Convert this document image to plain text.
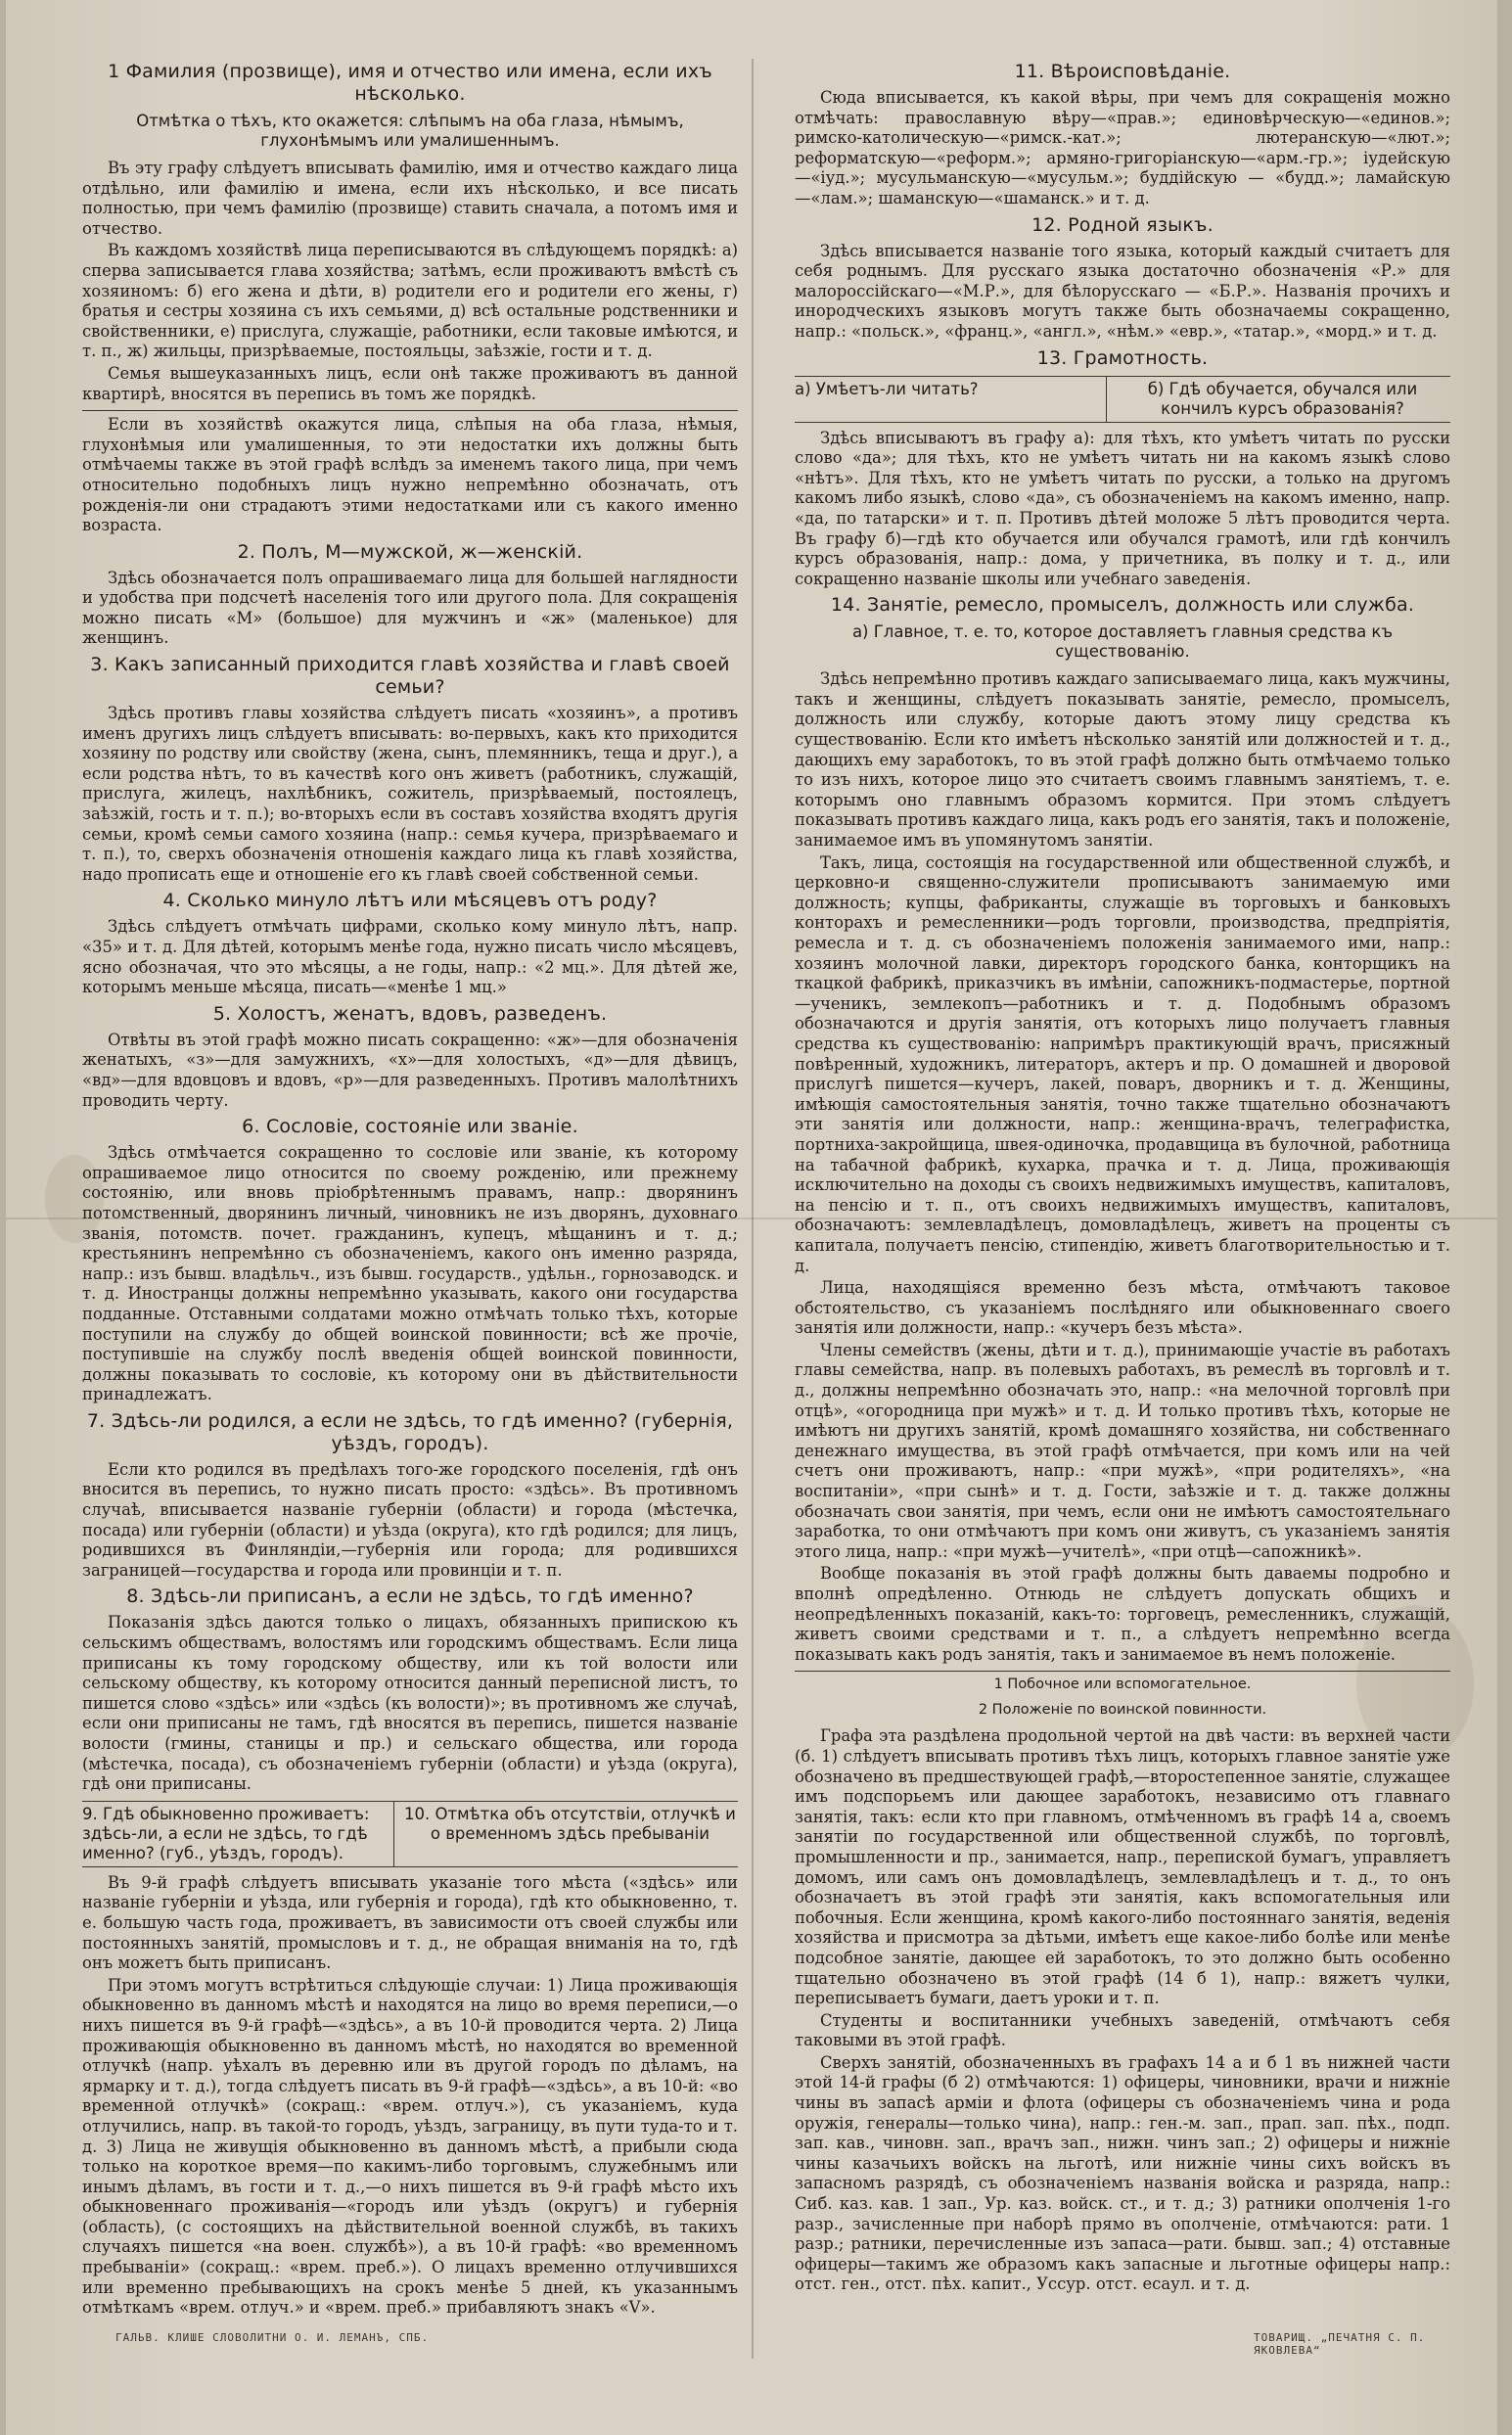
1 Фамилия (прозвище), имя и отчество или имена, если ихъ нѣсколько.
Отмѣтка о тѣхъ, кто окажется: слѣпымъ на оба глаза, нѣмымъ, глухонѣмымъ или умалишеннымъ.

Въ эту графу слѣдуетъ вписывать фамилію, имя и отчество каждаго лица отдѣльно, или фамилію и имена, если ихъ нѣсколько, и все писать полностью, при чемъ фамилію (прозвище) ставить сначала, а потомъ имя и отчество.

Въ каждомъ хозяйствѣ лица переписываются въ слѣдующемъ порядкѣ: а) сперва записывается глава хозяйства; затѣмъ, если проживаютъ вмѣстѣ съ хозяиномъ: б) его жена и дѣти, в) родители его и родители его жены, г) братья и сестры хозяина съ ихъ семьями, д) всѣ остальные родственники и свойственники, е) прислуга, служащіе, работники, если таковые имѣются, и т. п., ж) жильцы, призрѣваемые, постояльцы, заѣзжіе, гости и т. д.

Семья вышеуказанныхъ лицъ, если онѣ также проживаютъ въ данной квартирѣ, вносятся въ перепись въ томъ же порядкѣ.

Если въ хозяйствѣ окажутся лица, слѣпыя на оба глаза, нѣмыя, глухонѣмыя или умалишенныя, то эти недостатки ихъ должны быть отмѣчаемы также въ этой графѣ вслѣдъ за именемъ такого лица, при чемъ относительно подобныхъ лицъ нужно непремѣнно обозначать, отъ рожденія-ли они страдаютъ этими недостатками или съ какого именно возраста.

2. Полъ, М—мужской, ж—женскій.

Здѣсь обозначается полъ опрашиваемаго лица для большей наглядности и удобства при подсчетѣ населенія того или другого пола. Для сокращенія можно писать «М» (большое) для мужчинъ и «ж» (маленькое) для женщинъ.

3. Какъ записанный приходится главѣ хозяйства и главѣ своей семьи?

Здѣсь противъ главы хозяйства слѣдуетъ писать «хозяинъ», а противъ именъ другихъ лицъ слѣдуетъ вписывать: во-первыхъ, какъ кто приходится хозяину по родству или свойству (жена, сынъ, племянникъ, теща и друг.), а если родства нѣтъ, то въ качествѣ кого онъ живетъ (работникъ, служащій, прислуга, жилецъ, нахлѣбникъ, сожитель, призрѣваемый, постоялецъ, заѣзжій, гость и т. п.); во-вторыхъ если въ составъ хозяйства входятъ другія семьи, кромѣ семьи самого хозяина (напр.: семья кучера, призрѣваемаго и т. п.), то, сверхъ обозначенія отношенія каждаго лица къ главѣ хозяйства, надо прописать еще и отношеніе его къ главѣ своей собственной семьи.

4. Сколько минуло лѣтъ или мѣсяцевъ отъ роду?

Здѣсь слѣдуетъ отмѣчать цифрами, сколько кому минуло лѣтъ, напр. «35» и т. д. Для дѣтей, которымъ менѣе года, нужно писать число мѣсяцевъ, ясно обозначая, что это мѣсяцы, а не годы, напр.: «2 мц.». Для дѣтей же, которымъ меньше мѣсяца, писать—«менѣе 1 мц.»

5. Холостъ, женатъ, вдовъ, разведенъ.

Отвѣты въ этой графѣ можно писать сокращенно: «ж»—для обозначенія женатыхъ, «з»—для замужнихъ, «х»—для холостыхъ, «д»—для дѣвицъ, «вд»—для вдовцовъ и вдовъ, «р»—для разведенныхъ. Противъ малолѣтнихъ проводить черту.

6. Сословіе, состояніе или званіе.

Здѣсь отмѣчается сокращенно то сословіе или званіе, къ которому опрашиваемое лицо относится по своему рожденію, или прежнему состоянію, или вновь пріобрѣтеннымъ правамъ, напр.: дворянинъ потомственный, дворянинъ личный, чиновникъ не изъ дворянъ, духовнаго званія, потомств. почет. гражданинъ, купецъ, мѣщанинъ и т. д.; крестьянинъ непремѣнно съ обозначеніемъ, какого онъ именно разряда, напр.: изъ бывш. владѣльч., изъ бывш. государств., удѣльн., горнозаводск. и т. д. Иностранцы должны непремѣнно указывать, какого они государства подданные. Отставными солдатами можно отмѣчать только тѣхъ, которые поступили на службу до общей воинской повинности; всѣ же прочіе, поступившіе на службу послѣ введенія общей воинской повинности, должны показывать то сословіе, къ которому они въ дѣйствительности принадлежатъ.

7. Здѣсь-ли родился, а если не здѣсь, то гдѣ именно? (губернія, уѣздъ, городъ).

Если кто родился въ предѣлахъ того-же городского поселенія, гдѣ онъ вносится въ перепись, то нужно писать просто: «здѣсь». Въ противномъ случаѣ, вписывается названіе губерніи (области) и города (мѣстечка, посада) или губерніи (области) и уѣзда (округа), кто гдѣ родился; для лицъ, родившихся въ Финляндіи,—губернія или города; для родившихся заграницей—государства и города или провинціи и т. п.

8. Здѣсь-ли приписанъ, а если не здѣсь, то гдѣ именно?

Показанія здѣсь даются только о лицахъ, обязанныхъ припискою къ сельскимъ обществамъ, волостямъ или городскимъ обществамъ. Если лица приписаны къ тому городскому обществу, или къ той волости или сельскому обществу, къ которому относится данный переписной листъ, то пишется слово «здѣсь» или «здѣсь (къ волости)»; въ противномъ же случаѣ, если они приписаны не тамъ, гдѣ вносятся въ перепись, пишется названіе волости (гмины, станицы и пр.) и сельскаго общества, или города (мѣстечка, посада), съ обозначеніемъ губерніи (области) и уѣзда (округа), гдѣ они приписаны.

9. Гдѣ обыкновенно проживаетъ: здѣсь-ли, а если не здѣсь, то гдѣ именно? (губ., уѣздъ, городъ).
10. Отмѣтка объ отсутствіи, отлучкѣ и о временномъ здѣсь пребываніи

Въ 9-й графѣ слѣдуетъ вписывать указаніе того мѣста («здѣсь» или названіе губерніи и уѣзда, или губернія и города), гдѣ кто обыкновенно, т. е. большую часть года, проживаетъ, въ зависимости отъ своей службы или постоянныхъ занятій, промысловъ и т. д., не обращая вниманія на то, гдѣ онъ можетъ быть приписанъ.

При этомъ могутъ встрѣтиться слѣдующіе случаи: 1) Лица проживающія обыкновенно въ данномъ мѣстѣ и находятся на лицо во время переписи,—о нихъ пишется въ 9-й графѣ—«здѣсь», а въ 10-й проводится черта. 2) Лица проживающія обыкновенно въ данномъ мѣстѣ, но находятся во временной отлучкѣ (напр. уѣхалъ въ деревню или въ другой городъ по дѣламъ, на ярмарку и т. д.), тогда слѣдуетъ писать въ 9-й графѣ—«здѣсь», а въ 10-й: «во временной отлучкѣ» (сокращ.: «врем. отлуч.»), съ указаніемъ, куда отлучились, напр. въ такой-то городъ, уѣздъ, заграницу, въ пути туда-то и т. д. 3) Лица не живущія обыкновенно въ данномъ мѣстѣ, а прибыли сюда только на короткое время—по какимъ-либо торговымъ, служебнымъ или инымъ дѣламъ, въ гости и т. д.,—о нихъ пишется въ 9-й графѣ мѣсто ихъ обыкновеннаго проживанія—«городъ или уѣздъ (округъ) и губернія (область), (с состоящихъ на дѣйствительной военной службѣ, въ такихъ случаяхъ пишется «на воен. службѣ»), а въ 10-й графѣ: «во временномъ пребываніи» (сокращ.: «врем. преб.»). О лицахъ временно отлучившихся или временно пребывающихъ на срокъ менѣе 5 дней, къ указаннымъ отмѣткамъ «врем. отлуч.» и «врем. преб.» прибавляютъ знакъ «V».

11. Вѣроисповѣданіе.

Сюда вписывается, къ какой вѣры, при чемъ для сокращенія можно отмѣчать: православную вѣру—«прав.»; единовѣрческую—«единов.»; римско-католическую—«римск.-кат.»; лютеранскую—«лют.»; реформатскую—«реформ.»; армяно-григоріанскую—«арм.-гр.»; іудейскую—«іуд.»; мусульманскую—«мусульм.»; буддійскую — «будд.»; ламайскую—«лам.»; шаманскую—«шаманск.» и т. д.

12. Родной языкъ.

Здѣсь вписывается названіе того языка, который каждый считаетъ для себя роднымъ. Для русскаго языка достаточно обозначенія «Р.» для малороссійскаго—«М.Р.», для бѣлорусскаго — «Б.Р.». Названія прочихъ и инородческихъ языковъ могутъ также быть обозначаемы сокращенно, напр.: «польск.», «франц.», «англ.», «нѣм.» «евр.», «татар.», «морд.» и т. д.

13. Грамотность.
а) Умѣетъ-ли читать?	б) Гдѣ обучается, обучался или кончилъ курсъ образованія?

Здѣсь вписываютъ въ графу а): для тѣхъ, кто умѣетъ читать по русски слово «да»; для тѣхъ, кто не умѣетъ читать ни на какомъ языкѣ слово «нѣтъ». Для тѣхъ, кто не умѣетъ читать по русски, а только на другомъ какомъ либо языкѣ, слово «да», съ обозначеніемъ на какомъ именно, напр. «да, по татарски» и т. п. Противъ дѣтей моложе 5 лѣтъ проводится черта. Въ графу б)—гдѣ кто обучается или обучался грамотѣ, или гдѣ кончилъ курсъ образованія, напр.: дома, у причетника, въ полку и т. д., или сокращенно названіе школы или учебнаго заведенія.

14. Занятіе, ремесло, промыселъ, должность или служба.
а) Главное, т. е. то, которое доставляетъ главныя средства къ существованію.

Здѣсь непремѣнно противъ каждаго записываемаго лица, какъ мужчины, такъ и женщины, слѣдуетъ показывать занятіе, ремесло, промыселъ, должность или службу, которые даютъ этому лицу средства къ существованію. Если кто имѣетъ нѣсколько занятій или должностей и т. д., дающихъ ему заработокъ, то въ этой графѣ должно быть отмѣчаемо только то изъ нихъ, которое лицо это считаетъ своимъ главнымъ занятіемъ, т. е. которымъ оно главнымъ образомъ кормится. При этомъ слѣдуетъ показывать противъ каждаго лица, какъ родъ его занятія, такъ и положеніе, занимаемое имъ въ упомянутомъ занятіи.

Такъ, лица, состоящія на государственной или общественной службѣ, и церковно-и священно-служители прописываютъ занимаемую ими должность; купцы, фабриканты, служащіе въ торговыхъ и банковыхъ конторахъ и ремесленники—родъ торговли, производства, предпріятія, ремесла и т. д. съ обозначеніемъ положенія занимаемого ими, напр.: хозяинъ молочной лавки, директоръ городского банка, конторщикъ на ткацкой фабрикѣ, приказчикъ въ имѣніи, сапожникъ-подмастерье, портной—ученикъ, землекопъ—работникъ и т. д. Подобнымъ образомъ обозначаются и другія занятія, отъ которыхъ лицо получаетъ главныя средства къ существованію: напримѣръ практикующій врачъ, присяжный повѣренный, художникъ, литераторъ, актеръ и пр. О домашней и дворовой прислугѣ пишется—кучеръ, лакей, поваръ, дворникъ и т. д. Женщины, имѣющія самостоятельныя занятія, точно также тщательно обозначаютъ эти занятія или должности, напр.: женщина-врачъ, телеграфистка, портниха-закройщица, швея-одиночка, продавщица въ булочной, работница на табачной фабрикѣ, кухарка, прачка и т. д. Лица, проживающія исключительно на доходы съ своихъ недвижимыхъ имуществъ, капиталовъ, на пенсію и т. п., отъ своихъ недвижимыхъ имуществъ, капиталовъ, обозначаютъ: землевладѣлецъ, домовладѣлецъ, живетъ на проценты съ капитала, получаетъ пенсію, стипендію, живетъ благотворительностью и т. д.

Лица, находящіяся временно безъ мѣста, отмѣчаютъ таковое обстоятельство, съ указаніемъ послѣдняго или обыкновеннаго своего занятія или должности, напр.: «кучеръ безъ мѣста».

Члены семействъ (жены, дѣти и т. д.), принимающіе участіе въ работахъ главы семейства, напр. въ полевыхъ работахъ, въ ремеслѣ въ торговлѣ и т. д., должны непремѣнно обозначать это, напр.: «на мелочной торговлѣ при отцѣ», «огородница при мужѣ» и т. д. И только противъ тѣхъ, которые не имѣютъ ни другихъ занятій, кромѣ домашняго хозяйства, ни собственнаго денежнаго имущества, въ этой графѣ отмѣчается, при комъ или на чей счетъ они проживаютъ, напр.: «при мужѣ», «при родителяхъ», «на воспитаніи», «при сынѣ» и т. д. Гости, заѣзжіе и т. д. также должны обозначать свои занятія, при чемъ, если они не имѣютъ самостоятельнаго заработка, то они отмѣчаютъ при комъ они живутъ, съ указаніемъ занятія этого лица, напр.: «при мужѣ—учителѣ», «при отцѣ—сапожникѣ».

Вообще показанія въ этой графѣ должны быть даваемы подробно и вполнѣ опредѣленно. Отнюдь не слѣдуетъ допускать общихъ и неопредѣленныхъ показаній, какъ-то: торговецъ, ремесленникъ, служащій, живетъ своими средствами и т. п., а слѣдуетъ непремѣнно всегда показывать какъ родъ занятія, такъ и занимаемое въ немъ положеніе.

1 Побочное или вспомогательное.
2 Положеніе по воинской повинности.

Графа эта раздѣлена продольной чертой на двѣ части: въ верхней части (б. 1) слѣдуетъ вписывать противъ тѣхъ лицъ, которыхъ главное занятіе уже обозначено въ предшествующей графѣ,—второстепенное занятіе, служащее имъ подспорьемъ или дающее заработокъ, независимо отъ главнаго занятія, такъ: если кто при главномъ, отмѣченномъ въ графѣ 14 а, своемъ занятіи по государственной или общественной службѣ, по торговлѣ, промышленности и пр., занимается, напр., перепиской бумагъ, управляетъ домомъ, или самъ онъ домовладѣлецъ, землевладѣлецъ и т. д., то онъ обозначаетъ въ этой графѣ эти занятія, какъ вспомогательныя или побочныя. Если женщина, кромѣ какого-либо постояннаго занятія, веденія хозяйства и присмотра за дѣтьми, имѣетъ еще какое-либо болѣе или менѣе подсобное занятіе, дающее ей заработокъ, то это должно быть особенно тщательно обозначено въ этой графѣ (14 б 1), напр.: вяжетъ чулки, переписываетъ бумаги, даетъ уроки и т. п.

Студенты и воспитанники учебныхъ заведеній, отмѣчаютъ себя таковыми въ этой графѣ.

Сверхъ занятій, обозначенныхъ въ графахъ 14 а и б 1 въ нижней части этой 14-й графы (б 2) отмѣчаются: 1) офицеры, чиновники, врачи и нижніе чины въ запасѣ арміи и флота (офицеры съ обозначеніемъ чина и рода оружія, генералы—только чина), напр.: ген.-м. зап., прап. зап. пѣх., подп. зап. кав., чиновн. зап., врачъ зап., нижн. чинъ зап.; 2) офицеры и нижніе чины казачьихъ войскъ на льготѣ, или нижніе чины сихъ войскъ въ запасномъ разрядѣ, съ обозначеніемъ названія войска и разряда, напр.: Сиб. каз. кав. 1 зап., Ур. каз. войск. ст., и т. д.; 3) ратники ополченія 1-го разр., зачисленные при наборѣ прямо въ ополченіе, отмѣчаются: рати. 1 разр.; ратники, перечисленные изъ запаса—рати. бывш. зап.; 4) отставные офицеры—такимъ же образомъ какъ запасные и льготные офицеры напр.: отст. ген., отст. пѣх. капит., Уссур. отст. есаул. и т. д.

ГАЛЬВ. КЛИШЕ СЛОВОЛИТНИ О. И. ЛЕМАНЪ, СПБ.	ТОВАРИЩ. „ПЕЧАТНЯ С. П. ЯКОВЛЕВА“
